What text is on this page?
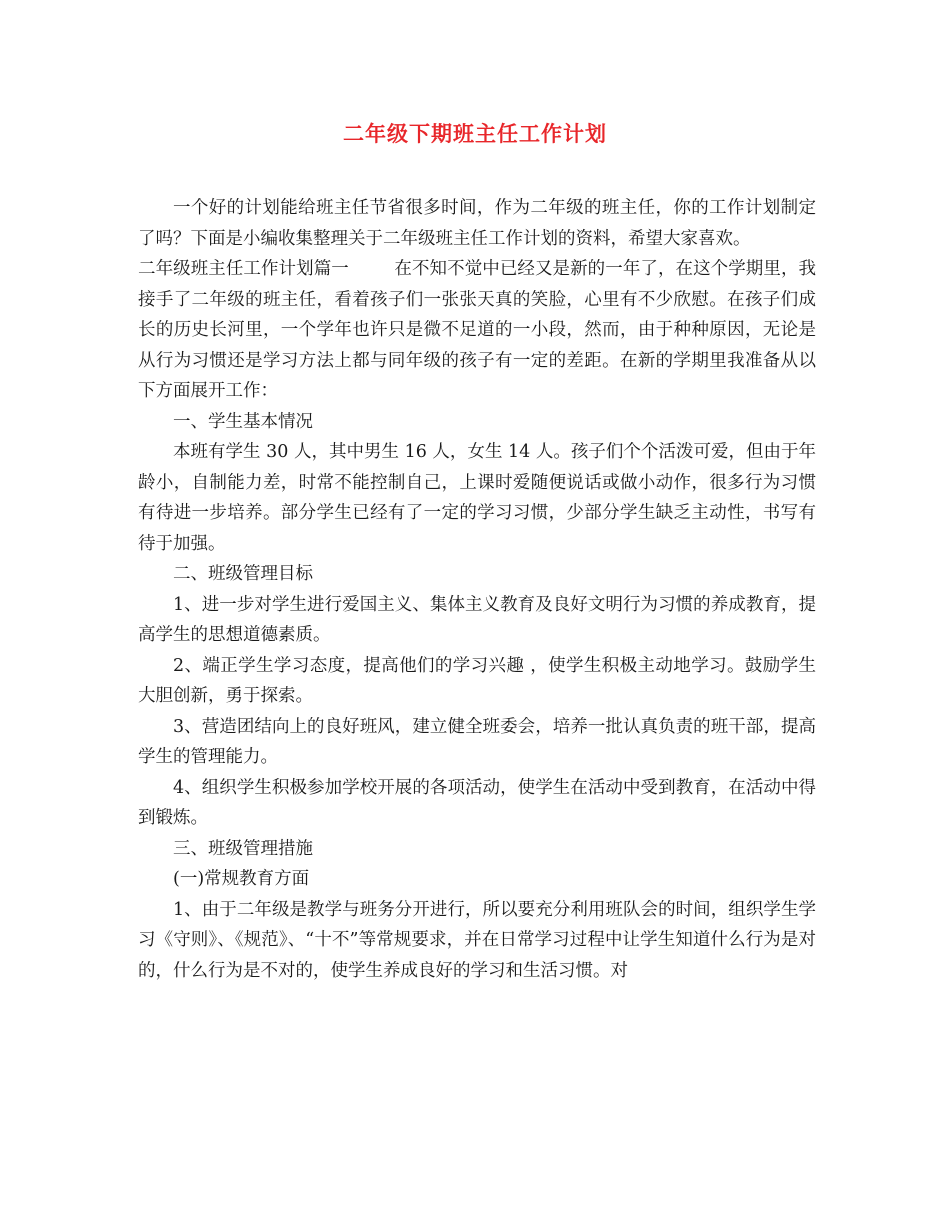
二年级下期班主任工作计划

一个好的计划能给班主任节省很多时间，作为二年级的班主任，你的工作计划制定了吗？下面是小编收集整理关于二年级班主任工作计划的资料，希望大家喜欢。

二年级班主任工作计划篇一	在不知不觉中已经又是新的一年了，在这个学期里，我接手了二年级的班主任，看着孩子们一张张天真的笑脸，心里有不少欣慰。在孩子们成长的历史长河里，一个学年也许只是微不足道的一小段，然而，由于种种原因，无论是从行为习惯还是学习方法上都与同年级的孩子有一定的差距。在新的学期里我准备从以下方面展开工作：

一、学生基本情况

本班有学生 30 人，其中男生 16 人，女生 14 人。孩子们个个活泼可爱，但由于年龄小，自制能力差，时常不能控制自己，上课时爱随便说话或做小动作，很多行为习惯有待进一步培养。部分学生已经有了一定的学习习惯，少部分学生缺乏主动性，书写有待于加强。

二、班级管理目标

1、进一步对学生进行爱国主义、集体主义教育及良好文明行为习惯的养成教育，提高学生的思想道德素质。

2、端正学生学习态度，提高他们的学习兴趣 ，使学生积极主动地学习。鼓励学生大胆创新，勇于探索。

3、营造团结向上的良好班风，建立健全班委会，培养一批认真负责的班干部，提高学生的管理能力。

4、组织学生积极参加学校开展的各项活动，使学生在活动中受到教育，在活动中得到锻炼。

三、班级管理措施

(一)常规教育方面

1、由于二年级是教学与班务分开进行，所以要充分利用班队会的时间，组织学生学习《守则》、《规范》、“十不”等常规要求，并在日常学习过程中让学生知道什么行为是对的，什么行为是不对的，使学生养成良好的学习和生活习惯。对
